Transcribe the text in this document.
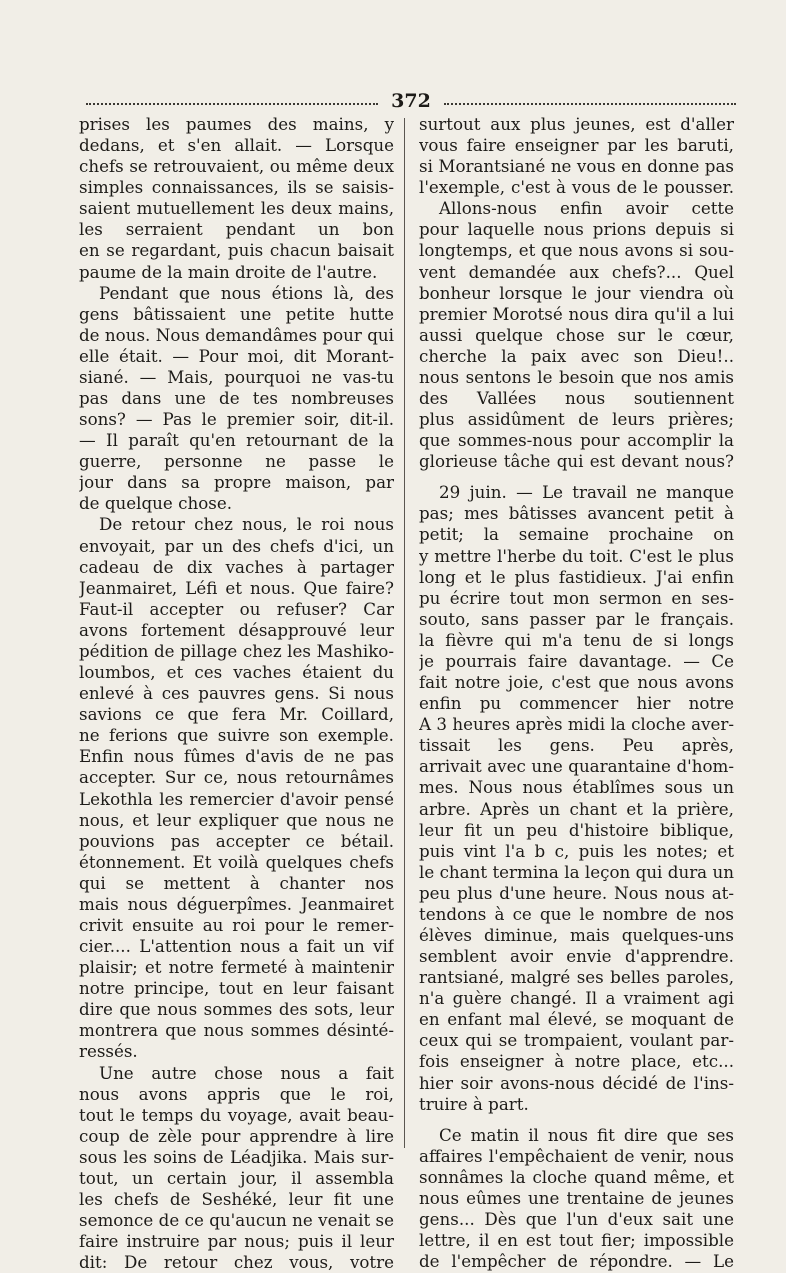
372
prises les paumes des mains, y
dedans, et s'en allait. — Lorsque
chefs se retrouvaient, ou même deux
simples connaissances, ils se saisis-
saient mutuellement les deux mains,
les serraient pendant un bon
en se regardant, puis chacun baisait
paume de la main droite de l'autre.
Pendant que nous étions là, des
gens bâtissaient une petite hutte
de nous. Nous demandâmes pour qui
elle était. — Pour moi, dit Morant-
siané. — Mais, pourquoi ne vas-tu
pas dans une de tes nombreuses
sons? — Pas le premier soir, dit-il.
— Il paraît qu'en retournant de la
guerre, personne ne passe le
jour dans sa propre maison, par
de quelque chose.
De retour chez nous, le roi nous
envoyait, par un des chefs d'ici, un
cadeau de dix vaches à partager
Jeanmairet, Léfi et nous. Que faire?
Faut-il accepter ou refuser? Car
avons fortement désapprouvé leur
pédition de pillage chez les Mashiko-
loumbos, et ces vaches étaient du
enlevé à ces pauvres gens. Si nous
savions ce que fera Mr. Coillard,
ne ferions que suivre son exemple.
Enfin nous fûmes d'avis de ne pas
accepter. Sur ce, nous retournâmes
Lekothla les remercier d'avoir pensé
nous, et leur expliquer que nous ne
pouvions pas accepter ce bétail.
étonnement. Et voilà quelques chefs
qui se mettent à chanter nos
mais nous déguerpîmes. Jeanmairet
crivit ensuite au roi pour le remer-
cier.... L'attention nous a fait un vif
plaisir; et notre fermeté à maintenir
notre principe, tout en leur faisant
dire que nous sommes des sots, leur
montrera que nous sommes désinté-
ressés.
Une autre chose nous a fait
nous avons appris que le roi,
tout le temps du voyage, avait beau-
coup de zèle pour apprendre à lire
sous les soins de Léadjika. Mais sur-
tout, un certain jour, il assembla
les chefs de Seshéké, leur fit une
semonce de ce qu'aucun ne venait se
faire instruire par nous; puis il leur
dit: De retour chez vous, votre
surtout aux plus jeunes, est d'aller
vous faire enseigner par les baruti,
si Morantsiané ne vous en donne pas
l'exemple, c'est à vous de le pousser.
Allons-nous enfin avoir cette
pour laquelle nous prions depuis si
longtemps, et que nous avons si sou-
vent demandée aux chefs?... Quel
bonheur lorsque le jour viendra où
premier Morotsé nous dira qu'il a lui
aussi quelque chose sur le cœur,
cherche la paix avec son Dieu!..
nous sentons le besoin que nos amis
des Vallées nous soutiennent
plus assidûment de leurs prières;
que sommes-nous pour accomplir la
glorieuse tâche qui est devant nous?
29 juin. — Le travail ne manque
pas; mes bâtisses avancent petit à
petit; la semaine prochaine on
y mettre l'herbe du toit. C'est le plus
long et le plus fastidieux. J'ai enfin
pu écrire tout mon sermon en ses-
souto, sans passer par le français.
la fièvre qui m'a tenu de si longs
je pourrais faire davantage. — Ce
fait notre joie, c'est que nous avons
enfin pu commencer hier notre
A 3 heures après midi la cloche aver-
tissait les gens. Peu après,
arrivait avec une quarantaine d'hom-
mes. Nous nous établîmes sous un
arbre. Après un chant et la prière,
leur fit un peu d'histoire biblique,
puis vint l'a b c, puis les notes; et
le chant termina la leçon qui dura un
peu plus d'une heure. Nous nous at-
tendons à ce que le nombre de nos
élèves diminue, mais quelques-uns
semblent avoir envie d'apprendre.
rantsiané, malgré ses belles paroles,
n'a guère changé. Il a vraiment agi
en enfant mal élevé, se moquant de
ceux qui se trompaient, voulant par-
fois enseigner à notre place, etc...
hier soir avons-nous décidé de l'ins-
truire à part.
Ce matin il nous fit dire que ses
affaires l'empêchaient de venir, nous
sonnâmes la cloche quand même, et
nous eûmes une trentaine de jeunes
gens... Dès que l'un d'eux sait une
lettre, il en est tout fier; impossible
de l'empêcher de répondre. — Le
